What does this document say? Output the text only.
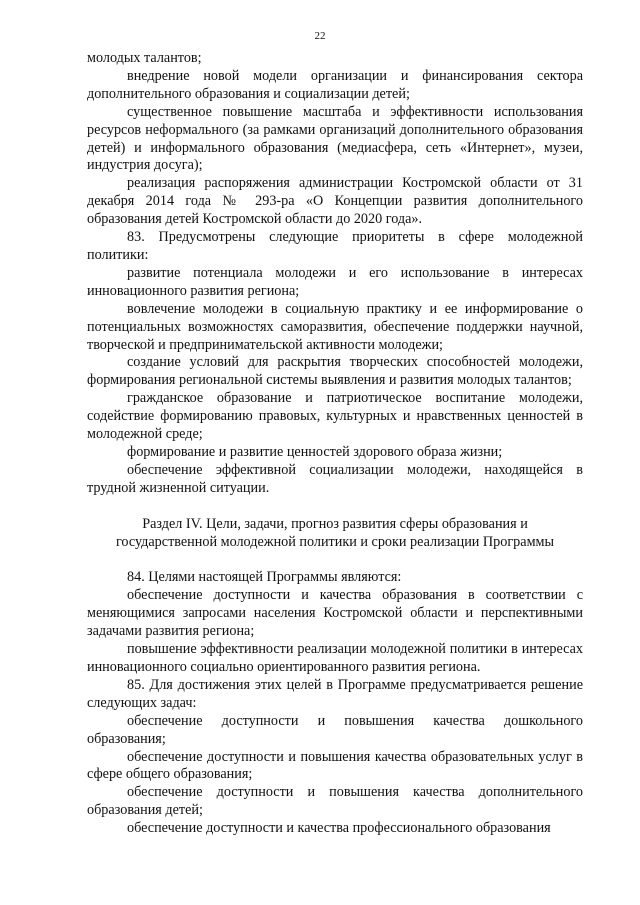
22

молодых талантов;

внедрение новой модели организации и финансирования сектора дополнительного образования и социализации детей;

существенное повышение масштаба и эффективности использования ресурсов неформального (за рамками организаций дополнительного образования детей) и информального образования (медиасфера, сеть «Интернет», музеи, индустрия досуга);

реализация распоряжения администрации Костромской области от 31 декабря 2014 года № 293-ра «О Концепции развития дополнительного образования детей Костромской области до 2020 года».

83. Предусмотрены следующие приоритеты в сфере молодежной политики:

развитие потенциала молодежи и его использование в интересах инновационного развития региона;

вовлечение молодежи в социальную практику и ее информирование о потенциальных возможностях саморазвития, обеспечение поддержки научной, творческой и предпринимательской активности молодежи;

создание условий для раскрытия творческих способностей молодежи, формирования региональной системы выявления и развития молодых талантов;

гражданское образование и патриотическое воспитание молодежи, содействие формированию правовых, культурных и нравственных ценностей в молодежной среде;

формирование и развитие ценностей здорового образа жизни;

обеспечение эффективной социализации молодежи, находящейся в трудной жизненной ситуации.

Раздел IV. Цели, задачи, прогноз развития сферы образования и
государственной молодежной политики и сроки реализации Программы

84. Целями настоящей Программы являются:

обеспечение доступности и качества образования в соответствии с меняющимися запросами населения Костромской области и перспективными задачами развития региона;

повышение эффективности реализации молодежной политики в интересах инновационного социально ориентированного развития региона.

85. Для достижения этих целей в Программе предусматривается решение следующих задач:

обеспечение доступности и повышения качества дошкольного образования;

обеспечение доступности и повышения качества образовательных услуг в сфере общего образования;

обеспечение доступности и повышения качества дополнительного образования детей;

обеспечение доступности и качества профессионального образования
